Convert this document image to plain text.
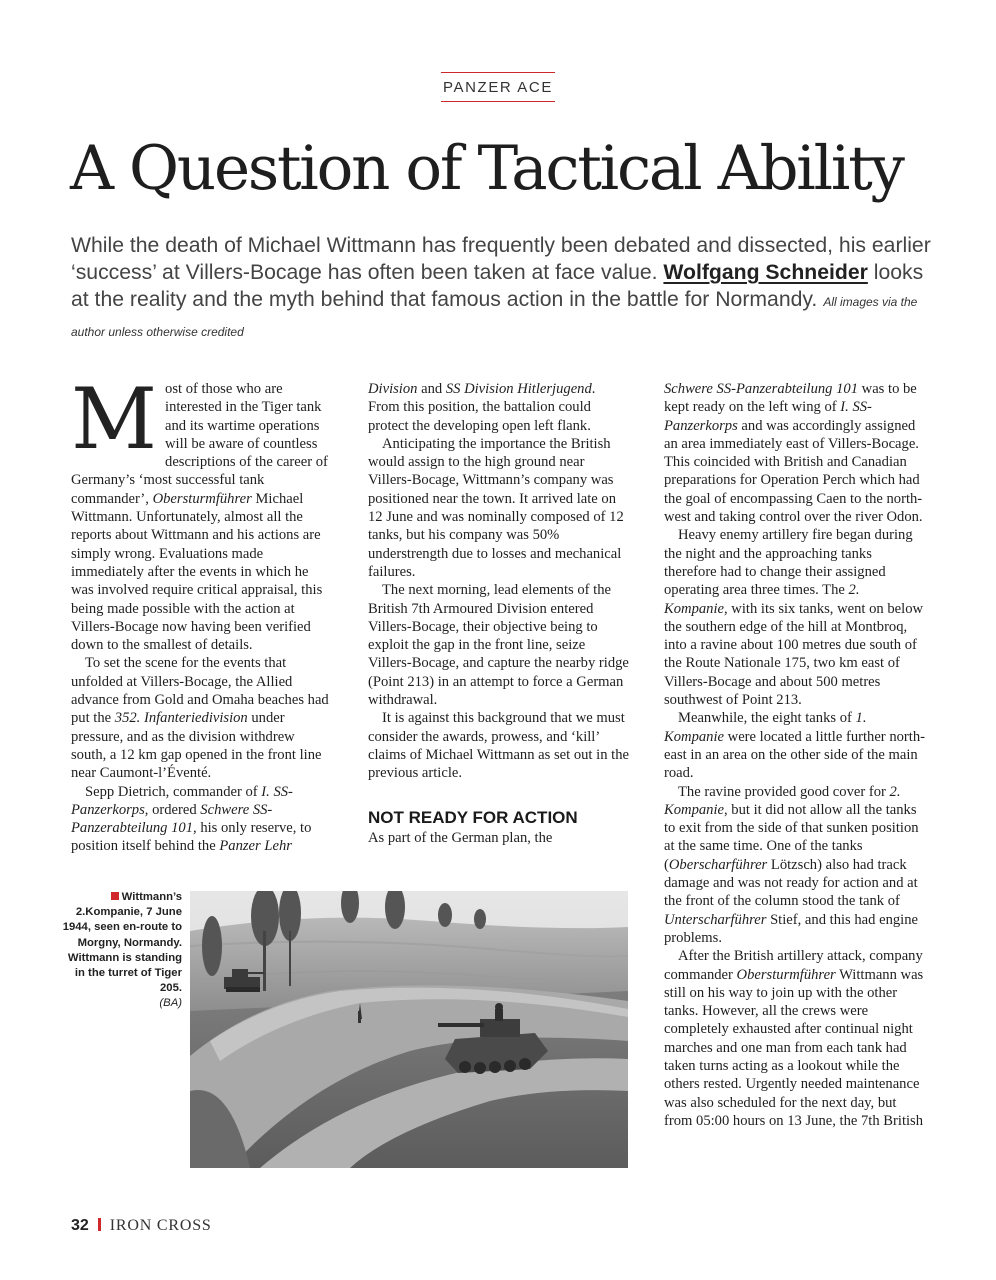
PANZER ACE
A Question of Tactical Ability

While the death of Michael Wittmann has frequently been debated and dissected, his earlier ‘success’ at Villers-Bocage has often been taken at face value. Wolfgang Schneider looks at the reality and the myth behind that famous action in the battle for Normandy. All images via the author unless otherwise credited

Most of those who are interested in the Tiger tank and its wartime operations will be aware of countless descriptions of the career of Germany’s ‘most successful tank commander’, Obersturmführer Michael Wittmann. Unfortunately, almost all the reports about Wittmann and his actions are simply wrong. Evaluations made immediately after the events in which he was involved require critical appraisal, this being made possible with the action at Villers-Bocage now having been verified down to the smallest of details.

To set the scene for the events that unfolded at Villers-Bocage, the Allied advance from Gold and Omaha beaches had put the 352. Infanteriedivision under pressure, and as the division withdrew south, a 12 km gap opened in the front line near Caumont-l’Éventé.

Sepp Dietrich, commander of I. SS-Panzerkorps, ordered Schwere SS-Panzerabteilung 101, his only reserve, to position itself behind the Panzer Lehr

Division and SS Division Hitlerjugend. From this position, the battalion could protect the developing open left flank.

Anticipating the importance the British would assign to the high ground near Villers-Bocage, Wittmann’s company was positioned near the town. It arrived late on 12 June and was nominally composed of 12 tanks, but his company was 50% understrength due to losses and mechanical failures.

The next morning, lead elements of the British 7th Armoured Division entered Villers-Bocage, their objective being to exploit the gap in the front line, seize Villers-Bocage, and capture the nearby ridge (Point 213) in an attempt to force a German withdrawal.

It is against this background that we must consider the awards, prowess, and ‘kill’ claims of Michael Wittmann as set out in the previous article.

NOT READY FOR ACTION

As part of the German plan, the

Schwere SS-Panzerabteilung 101 was to be kept ready on the left wing of I. SS-Panzerkorps and was accordingly assigned an area immediately east of Villers-Bocage. This coincided with British and Canadian preparations for Operation Perch which had the goal of encompassing Caen to the north-west and taking control over the river Odon.

Heavy enemy artillery fire began during the night and the approaching tanks therefore had to change their assigned operating area three times. The 2. Kompanie, with its six tanks, went on below the southern edge of the hill at Montbroq, into a ravine about 100 metres due south of the Route Nationale 175, two km east of Villers-Bocage and about 500 metres southwest of Point 213.

Meanwhile, the eight tanks of 1. Kompanie were located a little further north-east in an area on the other side of the main road.

The ravine provided good cover for 2. Kompanie, but it did not allow all the tanks to exit from the side of that sunken position at the same time. One of the tanks (Oberscharführer Lötzsch) also had track damage and was not ready for action and at the front of the column stood the tank of Unterscharführer Stief, and this had engine problems.

After the British artillery attack, company commander Obersturmführer Wittmann was still on his way to join up with the other tanks. However, all the crews were completely exhausted after continual night marches and one man from each tank had taken turns acting as a lookout while the others rested. Urgently needed maintenance was also scheduled for the next day, but from 05:00 hours on 13 June, the 7th British

Wittmann’s 2.Kompanie, 7 June 1944, seen en-route to Morgny, Normandy. Wittmann is standing in the turret of Tiger 205.
(BA)
32 IRON CROSS
